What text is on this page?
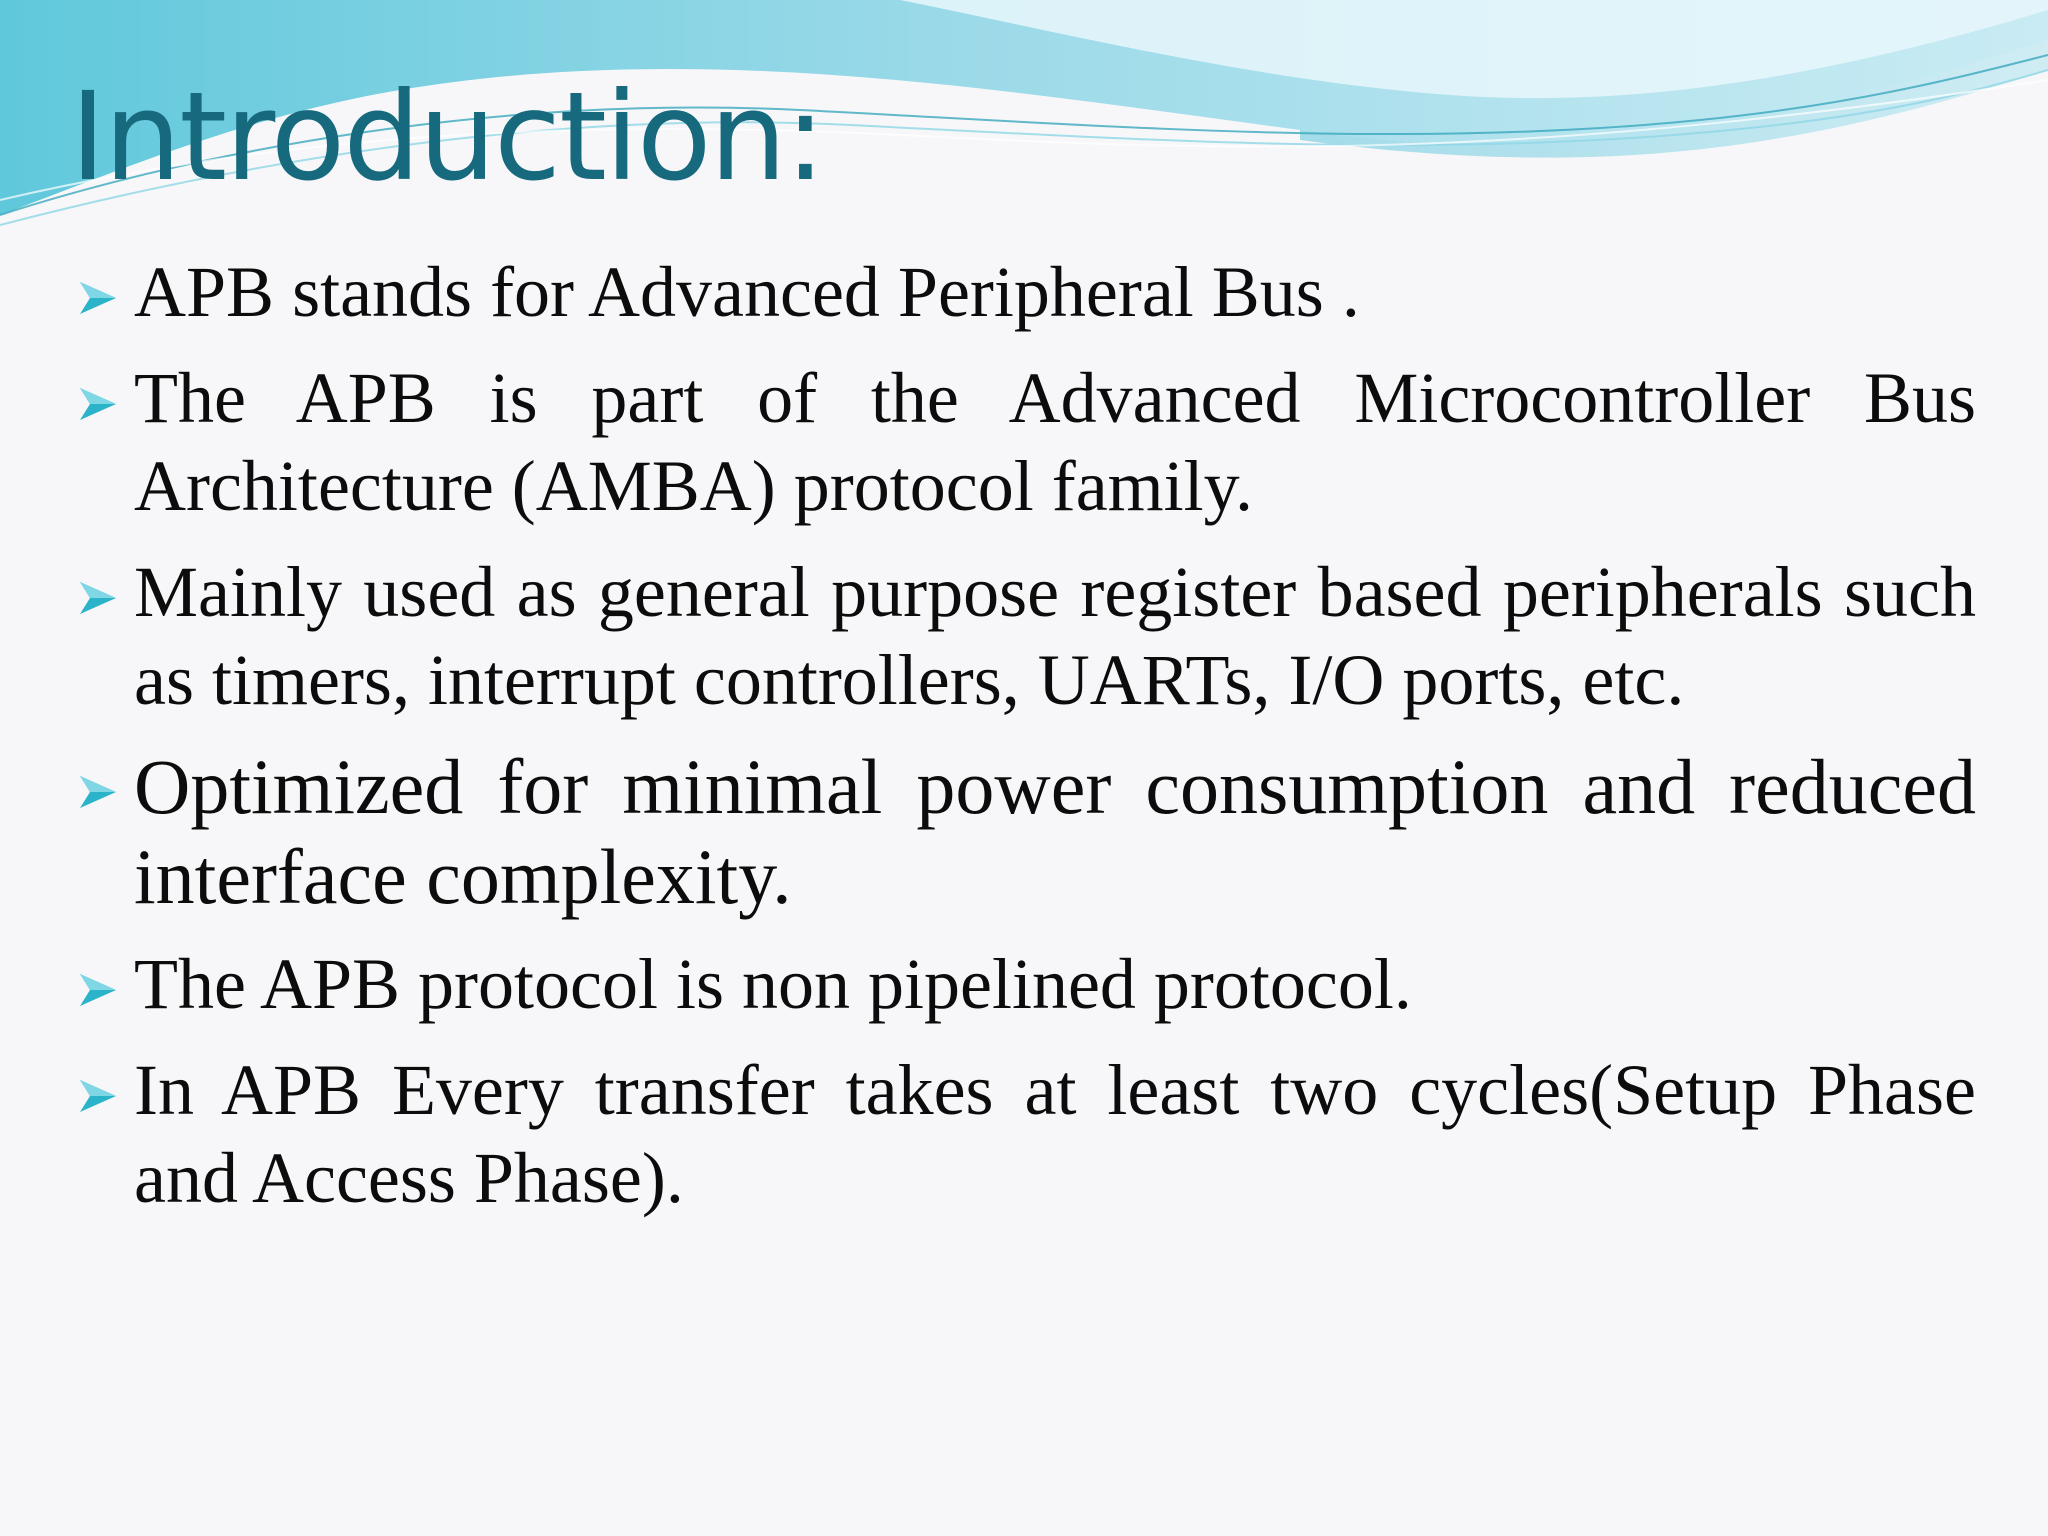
Introduction:
APB stands for Advanced Peripheral Bus .
The APB is part of the Advanced Microcontroller Bus Architecture (AMBA) protocol family.
Mainly used as general purpose register based peripherals such as timers, interrupt controllers, UARTs, I/O ports, etc.
Optimized for minimal power consumption and reduced interface complexity.
The APB protocol is non pipelined protocol.
In APB Every transfer takes at least two cycles(Setup Phase and Access Phase).
